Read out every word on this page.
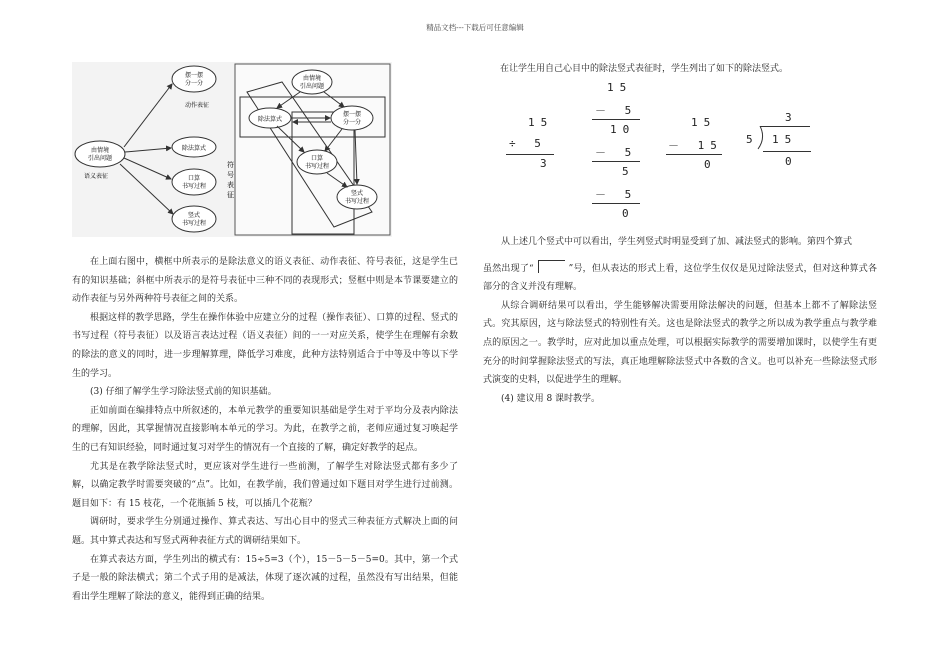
精品文档---下载后可任意编辑
由情境
引出问题
语义表征
摆一摆
分一分
动作表征
除法算式
口算
书写过程
竖式
书写过程
符
号
表
征
由情境
引出问题
除法算式
摆一摆
分一分
口算
书写过程
竖式
书写过程
在让学生用自己心目中的除法竖式表征时，学生列出了如下的除法竖式。
15
÷ 5
3
15
－ 5
10
－ 5
5
－ 5
0
15
－ 15
0
3
5 15
0

在上面右图中，横框中所表示的是除法意义的语义表征、动作表征、符号表征，这是学生已有的知识基础；斜框中所表示的是符号表征中三种不同的表现形式；竖框中则是本节课要建立的动作表征与另外两种符号表征之间的关系。

根据这样的教学思路，学生在操作体验中应建立分的过程（操作表征）、口算的过程、竖式的书写过程（符号表征）以及语言表达过程（语义表征）间的一一对应关系，使学生在理解有余数的除法的意义的同时，进一步理解算理，降低学习难度，此种方法特别适合于中等及中等以下学生的学习。

(3) 仔细了解学生学习除法竖式前的知识基础。

正如前面在编排特点中所叙述的，本单元教学的重要知识基础是学生对于平均分及表内除法的理解，因此，其掌握情况直接影响本单元的学习。为此，在教学之前，老师应通过复习唤起学生的已有知识经验，同时通过复习对学生的情况有一个直接的了解，确定好教学的起点。

尤其是在教学除法竖式时，更应该对学生进行一些前测，了解学生对除法竖式都有多少了解，以确定教学时需要突破的“点”。比如，在教学前，我们曾通过如下题目对学生进行过前测。题目如下：有 15 枝花，一个花瓶插 5 枝，可以插几个花瓶？

调研时，要求学生分别通过操作、算式表达、写出心目中的竖式三种表征方式解决上面的问题。其中算式表达和写竖式两种表征方式的调研结果如下。

在算式表达方面，学生列出的横式有：15÷5=3（个），15－5－5－5=0。其中，第一个式子是一般的除法横式；第二个式子用的是减法，体现了逐次减的过程，虽然没有写出结果，但能看出学生理解了除法的意义，能得到正确的结果。

从上述几个竖式中可以看出，学生列竖式时明显受到了加、减法竖式的影响。第四个算式

虽然出现了“	”号，但从表达的形式上看，这位学生仅仅是见过除法竖式，但对这种算式各部分的含义并没有理解。

从综合调研结果可以看出，学生能够解决需要用除法解决的问题，但基本上都不了解除法竖式。究其原因，这与除法竖式的特别性有关。这也是除法竖式的教学之所以成为教学重点与教学难点的原因之一。教学时，应对此加以重点处理，可以根据实际教学的需要增加课时，以使学生有更充分的时间掌握除法竖式的写法，真正地理解除法竖式中各数的含义。也可以补充一些除法竖式形式演变的史料，以促进学生的理解。

(4) 建议用 8 课时教学。
